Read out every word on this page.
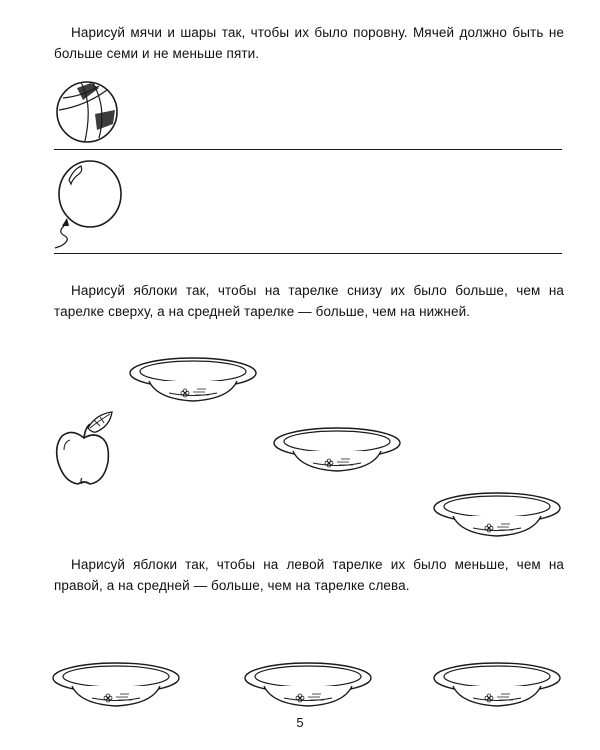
Нарисуй мячи и шары так, чтобы их было поровну. Мячей должно быть не больше семи и не меньше пяти.

Нарисуй яблоки так, чтобы на тарелке снизу их было больше, чем на тарелке сверху, а на средней тарелке — больше, чем на нижней.

Нарисуй яблоки так, чтобы на левой тарелке их было меньше, чем на правой, а на средней — больше, чем на тарелке слева.

5
